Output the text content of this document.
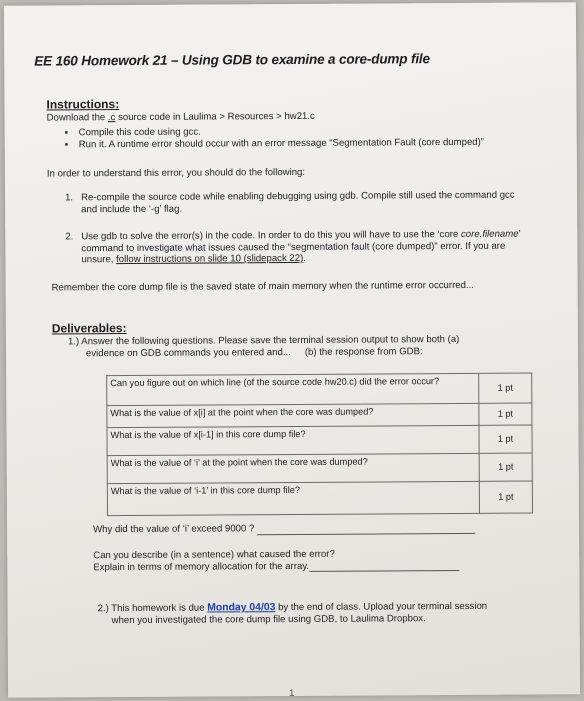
EE 160 Homework 21 – Using GDB to examine a core-dump file
Instructions:
Download the .c source code in Laulima > Resources > hw21.c
▪ Compile this code using gcc.
▪ Run it. A runtime error should occur with an error message “Segmentation Fault (core dumped)”
In order to understand this error, you should do the following:
1. Re-compile the source code while enabling debugging using gdb. Compile still used the command gcc and include the ‘-g’ flag.
2. Use gdb to solve the error(s) in the code. In order to do this you will have to use the ‘core core.filename’ command to investigate what issues caused the “segmentation fault (core dumped)” error. If you are unsure, follow instructions on slide 10 (slidepack 22).
Remember the core dump file is the saved state of main memory when the runtime error occurred...
Deliverables:
1.) Answer the following questions. Please save the terminal session output to show both (a)
evidence on GDB commands you entered and... (b) the response from GDB:
Can you figure out on which line (of the source code hw20.c) did the error occur?	1 pt
What is the value of x[i] at the point when the core was dumped?	1 pt
What is the value of x[i-1] in this core dump file?	1 pt
What is the value of ‘i’ at the point when the core was dumped?	1 pt
What is the value of ‘i-1’ in this core dump file?	1 pt
Why did the value of ‘i’ exceed 9000 ?
Can you describe (in a sentence) what caused the error?
Explain in terms of memory allocation for the array.
2.) This homework is due Monday 04/03 by the end of class. Upload your terminal session
when you investigated the core dump file using GDB, to Laulima Dropbox.
1
